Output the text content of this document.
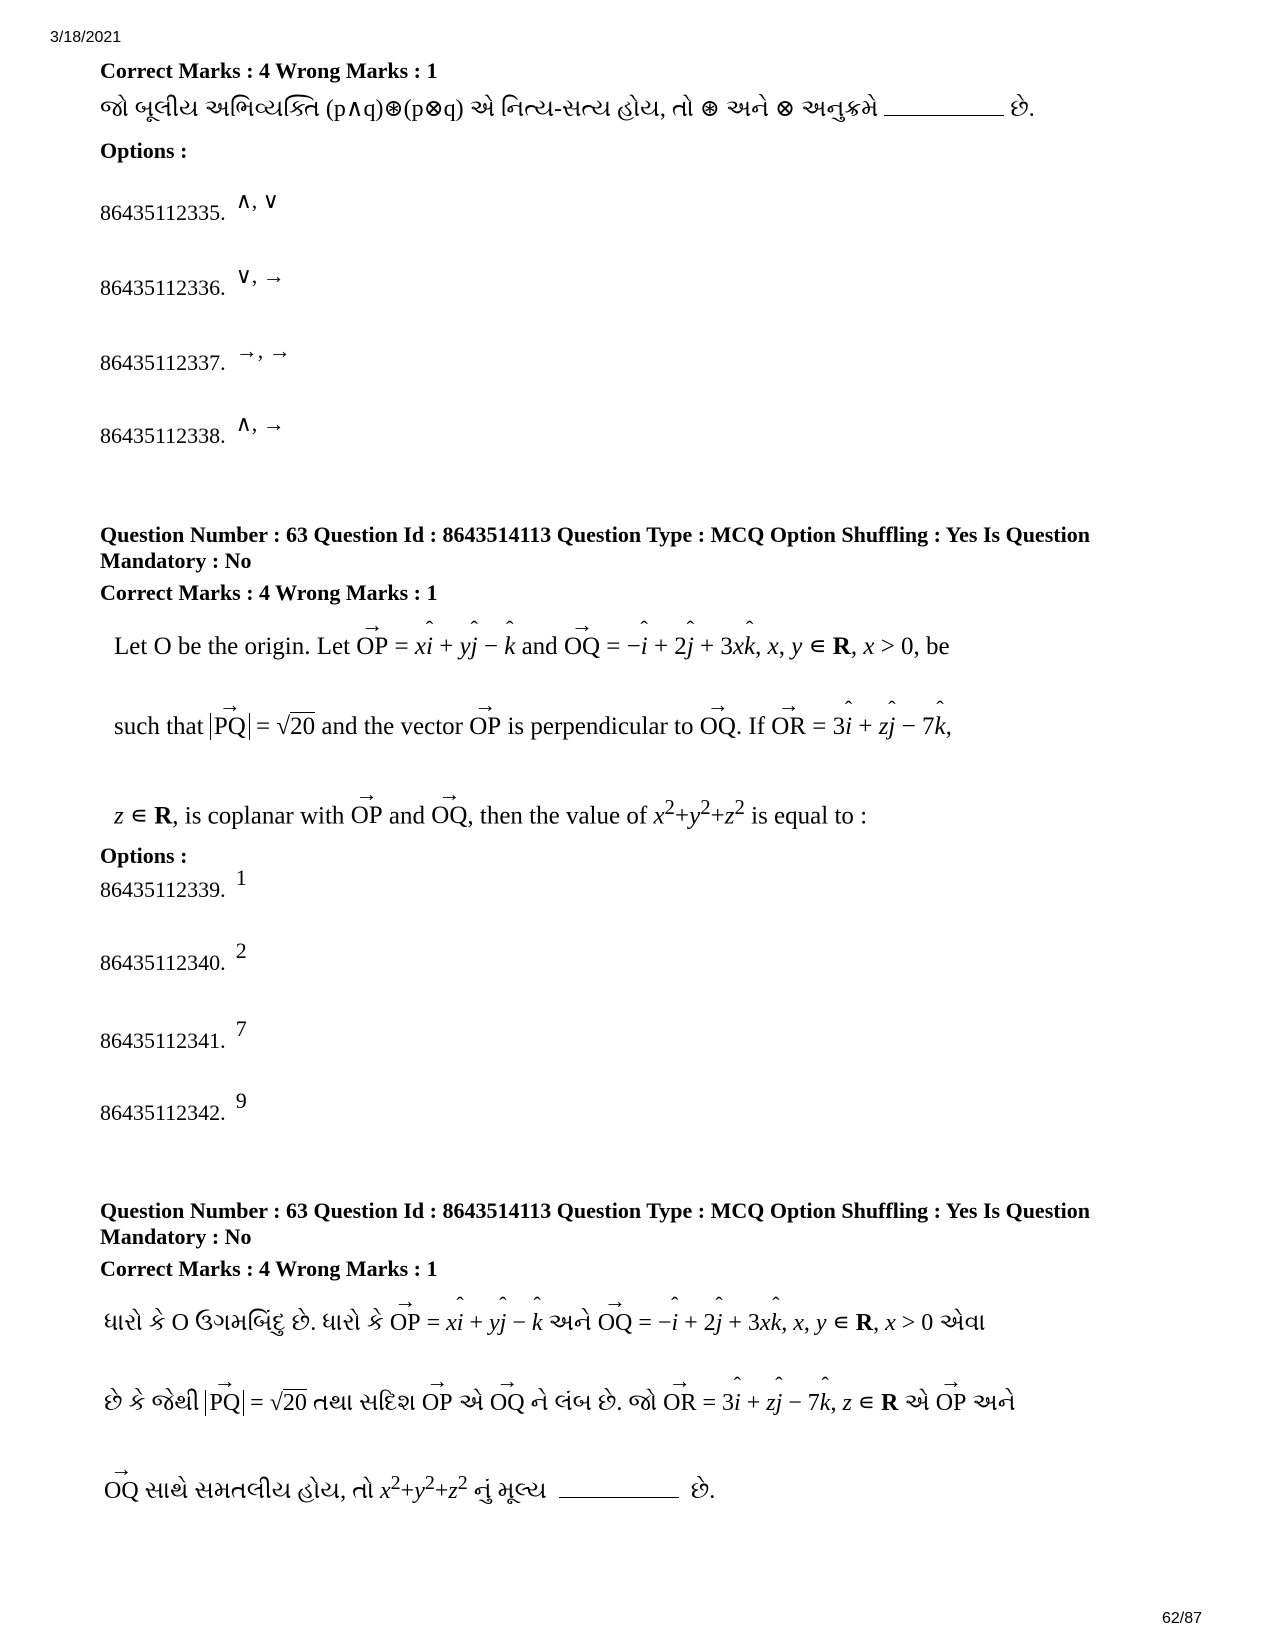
3/18/2021
Correct Marks : 4 Wrong Marks : 1
જો બૂલીય અભિવ્યક્તિ (p∧q)⊛(p⊗q) એ નિત્ય-સત્ય હોય, તો ⊛ અને ⊗ અનુક્રમે	છે.
Options :
86435112335. ∧, ∨
86435112336. ∨, →
86435112337. →, →
86435112338. ∧, →
Question Number : 63 Question Id : 8643514113 Question Type : MCQ Option Shuffling : Yes Is Question Mandatory : No
Correct Marks : 4 Wrong Marks : 1
Let O be the origin. Let → OP = xˆ i + yˆ j − ˆ k and → OQ = −ˆ i + 2ˆ j + 3xˆ k, x, y ∊ R, x > 0, be
such that → PQ = √20 and the vector → OP is perpendicular to → OQ. If → OR = 3ˆ i + zˆ j − 7ˆ k,
z ∊ R, is coplanar with → OP and → OQ, then the value of $x^2+y^2+z^2$ is equal to :
Options :
86435112339. 1
86435112340. 2
86435112341. 7
86435112342. 9
Question Number : 63 Question Id : 8643514113 Question Type : MCQ Option Shuffling : Yes Is Question Mandatory : No
Correct Marks : 4 Wrong Marks : 1
ધારો કે O ઉગમબિંદુ છે. ધારો કે → OP = xˆ i + yˆ j − ˆ k અને → OQ = −ˆ i + 2ˆ j + 3xˆ k, x, y ∊ R, x > 0 એવા
છે કે જેથી → PQ = √20 તથા સદિશ → OP એ → OQ ને લંબ છે. જો → OR = 3ˆ i + zˆ j − 7ˆ k, z ∊ R એ → OP અને
→ OQ સાથે સમતલીય હોય, તો $x^2+y^2+z^2$ નું મૂલ્ય	છે.
62/87
